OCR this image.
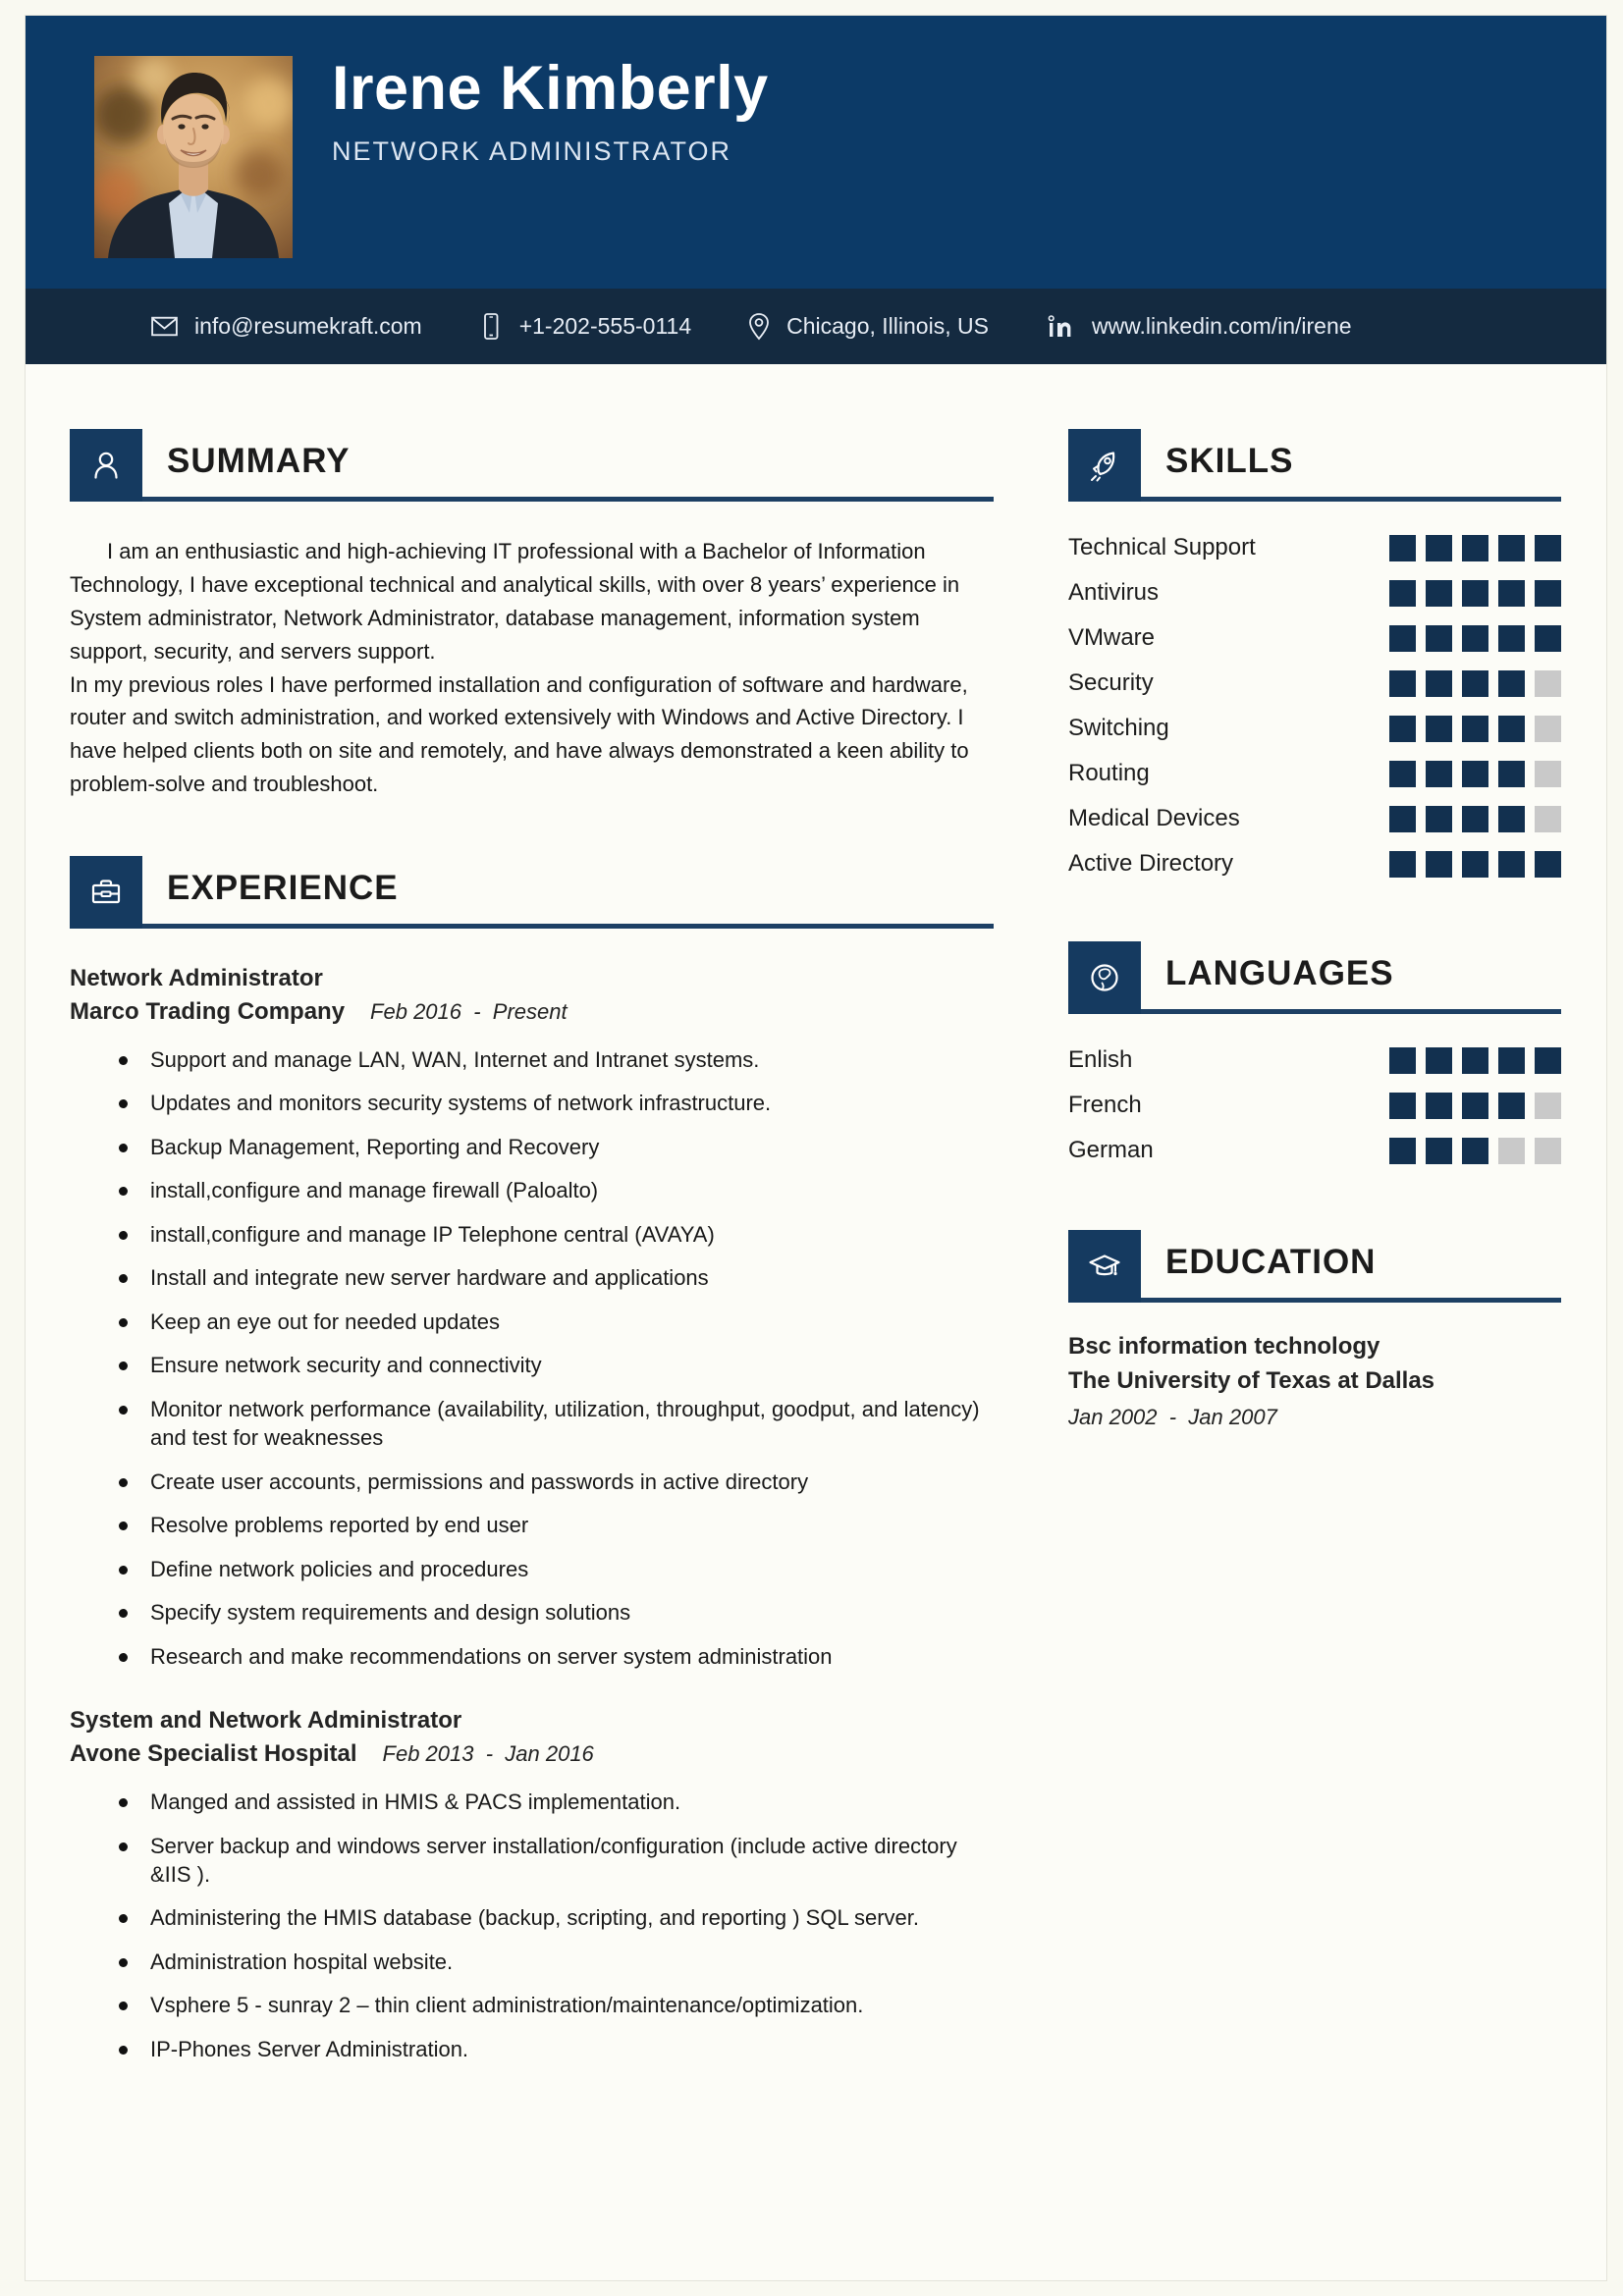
Irene Kimberly
NETWORK ADMINISTRATOR
info@resumekraft.com	+1-202-555-0114	Chicago, Illinois, US	www.linkedin.com/in/irene
SUMMARY
I am an enthusiastic and high-achieving IT professional with a Bachelor of Information Technology, I have exceptional technical and analytical skills, with over 8 years’ experience in System administrator, Network Administrator, database management, information system support, security, and servers support.
In my previous roles I have performed installation and configuration of software and hardware, router and switch administration, and worked extensively with Windows and Active Directory. I have helped clients both on site and remotely, and have always demonstrated a keen ability to problem-solve and troubleshoot.
EXPERIENCE
Network Administrator
Marco Trading Company Feb 2016  -  Present
Support and manage LAN, WAN, Internet and Intranet systems.
Updates and monitors security systems of network infrastructure.
Backup Management, Reporting and Recovery
install,configure and manage firewall (Paloalto)
install,configure and manage IP Telephone central (AVAYA)
Install and integrate new server hardware and applications
Keep an eye out for needed updates
Ensure network security and connectivity
Monitor network performance (availability, utilization, throughput, goodput, and latency) and test for weaknesses
Create user accounts, permissions and passwords in active directory
Resolve problems reported by end user
Define network policies and procedures
Specify system requirements and design solutions
Research and make recommendations on server system administration
System and Network Administrator
Avone Specialist Hospital Feb 2013  -  Jan 2016
Manged and assisted in HMIS & PACS implementation.
Server backup and windows server installation/configuration (include active directory &IIS ).
Administering the HMIS database (backup, scripting, and reporting ) SQL server.
Administration hospital website.
Vsphere 5 - sunray 2 – thin client administration/maintenance/optimization.
IP-Phones Server Administration.
SKILLS
Technical Support
Antivirus
VMware
Security
Switching
Routing
Medical Devices
Active Directory
LANGUAGES
Enlish
French
German
EDUCATION
Bsc information technology
The University of Texas at Dallas
Jan 2002  -  Jan 2007
